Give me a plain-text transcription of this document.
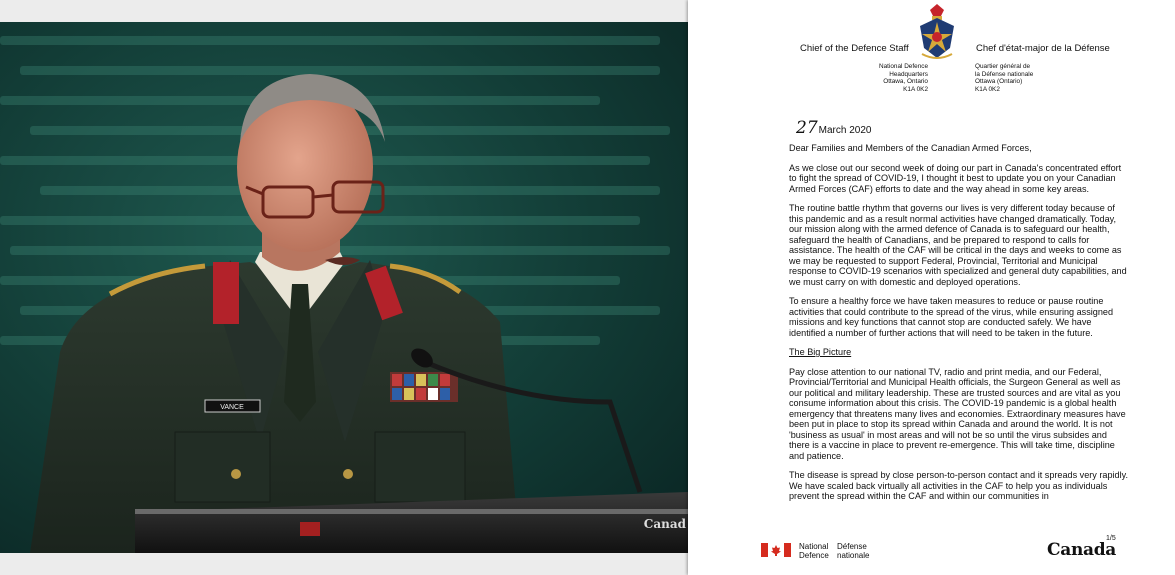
VANCE
Canad
Chief of the Defence Staff	Chef d'état-major de la Défense
National Defence
Headquarters
Ottawa, Ontario
K1A 0K2
Quartier général de
la Défense nationale
Ottawa (Ontario)
K1A 0K2
27March 2020

Dear Families and Members of the Canadian Armed Forces,

As we close out our second week of doing our part in Canada's concentrated effort to fight the spread of COVID-19, I thought it best to update you on your Canadian Armed Forces (CAF) efforts to date and the way ahead in some key areas.

The routine battle rhythm that governs our lives is very different today because of this pandemic and as a result normal activities have changed dramatically. Today, our mission along with the armed defence of Canada is to safeguard our health, safeguard the health of Canadians, and be prepared to respond to calls for assistance. The health of the CAF will be critical in the days and weeks to come as we may be requested to support Federal, Provincial, Territorial and Municipal response to COVID-19 scenarios with specialized and general duty capabilities, and we must carry on with domestic and deployed operations.

To ensure a healthy force we have taken measures to reduce or pause routine activities that could contribute to the spread of the virus, while ensuring assigned missions and key functions that cannot stop are conducted safely. We have identified a number of further actions that will need to be taken in the future.

The Big Picture

Pay close attention to our national TV, radio and print media, and our Federal, Provincial/Territorial and Municipal Health officials, the Surgeon General as well as our political and military leadership. These are trusted sources and are vital as you consume information about this crisis. The COVID-19 pandemic is a global health emergency that threatens many lives and economies. Extraordinary measures have been put in place to stop its spread within Canada and around the world. It is not 'business as usual' in most areas and will not be so until the virus subsides and there is a vaccine in place to prevent re-emergence. This will take time, discipline and patience.

The disease is spread by close person-to-person contact and it spreads very rapidly. We have scaled back virtually all activities in the CAF to help you as individuals prevent the spread within the CAF and within our communities in

National
Defence
Défense
nationale
1/5
Canada
